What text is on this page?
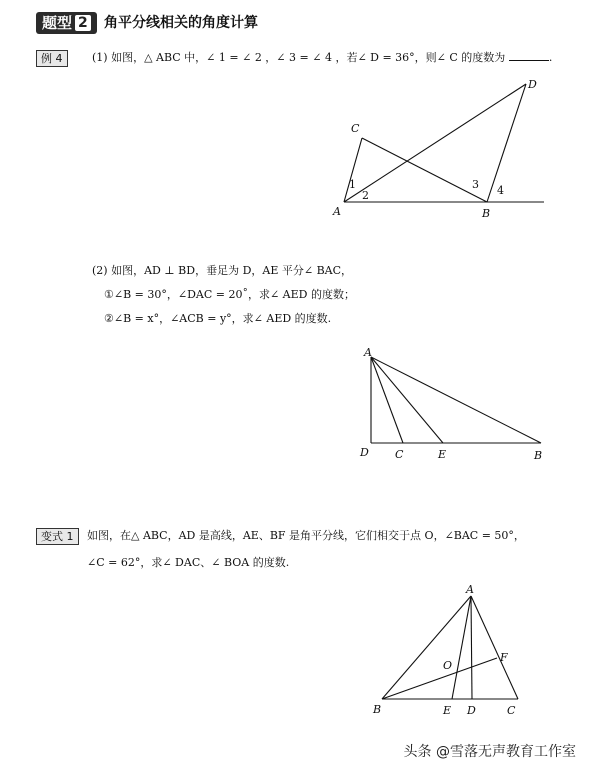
题型 2 角平分线相关的角度计算
例 4	(1) 如图，△ ABC 中，∠ 1 = ∠ 2 ，∠ 3 = ∠ 4 ，若∠ D = 36°，则∠ C 的度数为	.
A	B
C
D
1
2
3 4
A
D C	E	B
A
B	C
D
E
F
O
(2) 如图，AD ⊥ BD，垂足为 D，AE 平分∠ BAC，
①∠B = 30°，∠DAC = 20˚，求∠ AED 的度数；
②∠B = x°，∠ACB = y°，求∠ AED 的度数.
变式 1	如图，在△ ABC，AD 是高线，AE、BF 是角平分线，它们相交于点 O，∠BAC = 50°，
∠C = 62°，求∠ DAC、∠ BOA 的度数.
头条 @雪落无声教育工作室
